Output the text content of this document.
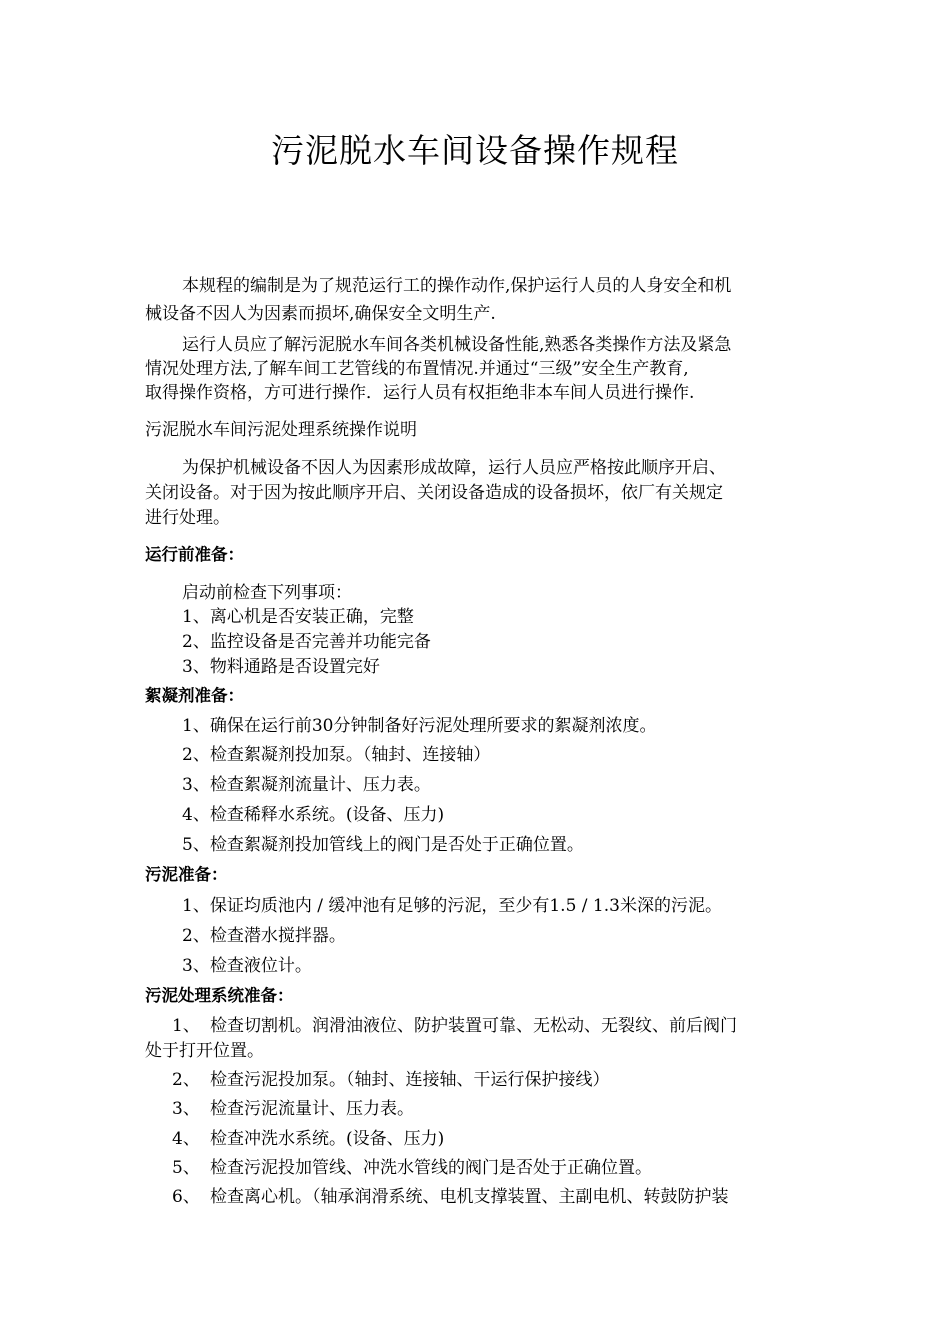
污泥脱水车间设备操作规程
本规程的编制是为了规范运行工的操作动作,保护运行人员的人身安全和机
械设备不因人为因素而损坏,确保安全文明生产.
运行人员应了解污泥脱水车间各类机械设备性能,熟悉各类操作方法及紧急
情况处理方法,了解车间工艺管线的布置情况.并通过“三级”安全生产教育,
取得操作资格，方可进行操作．运行人员有权拒绝非本车间人员进行操作.
污泥脱水车间污泥处理系统操作说明
为保护机械设备不因人为因素形成故障，运行人员应严格按此顺序开启、
关闭设备。对于因为按此顺序开启、关闭设备造成的设备损坏，依厂有关规定
进行处理。
运行前准备：
启动前检查下列事项：
1、离心机是否安装正确，完整
2、监控设备是否完善并功能完备
3、物料通路是否设置完好
絮凝剂准备：
1、确保在运行前30分钟制备好污泥处理所要求的絮凝剂浓度。
2、检查絮凝剂投加泵。（轴封、连接轴）
3、检查絮凝剂流量计、压力表。
4、检查稀释水系统。(设备、压力)
5、检查絮凝剂投加管线上的阀门是否处于正确位置。
污泥准备：
1、保证均质池内 / 缓冲池有足够的污泥，至少有1.5 / 1.3米深的污泥。
2、检查潜水搅拌器。
3、检查液位计。
污泥处理系统准备：
1、 检查切割机。润滑油液位、防护装置可靠、无松动、无裂纹、前后阀门
处于打开位置。
2、 检查污泥投加泵。（轴封、连接轴、干运行保护接线）
3、 检查污泥流量计、压力表。
4、 检查冲洗水系统。(设备、压力)
5、 检查污泥投加管线、冲洗水管线的阀门是否处于正确位置。
6、 检查离心机。（轴承润滑系统、电机支撑装置、主副电机、转鼓防护装
